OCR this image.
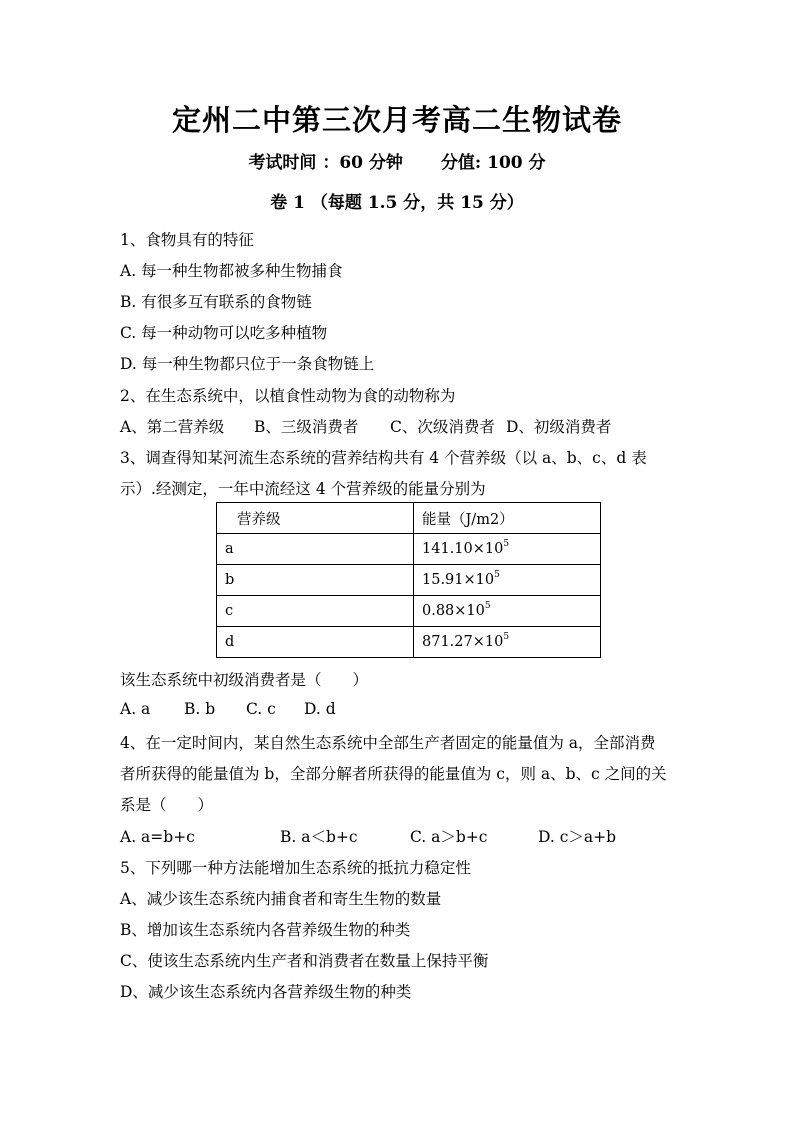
定州二中第三次月考高二生物试卷
考试时间 ：60 分钟 分值: 100 分
卷 1 （每题 1.5 分，共 15 分）
1、食物具有的特征
A. 每一种生物都被多种生物捕食
B. 有很多互有联系的食物链
C. 每一种动物可以吃多种植物
D. 每一种生物都只位于一条食物链上
2、在生态系统中，以植食性动物为食的动物称为
A、第二营养级 B、三级消费者 C、次级消费者 D、初级消费者
3、调查得知某河流生态系统的营养结构共有 4 个营养级（以 a、b、c、d 表
示）.经测定，一年中流经这 4 个营养级的能量分别为
营养级	能量（J/m2）
a	$141.10\times 10^5$
b	$15.91\times 10^5$
c	$0.88\times 10^5$
d	$871.27\times 10^5$
该生态系统中初级消费者是（　　）
A. a B. b C. c D. d
4、在一定时间内，某自然生态系统中全部生产者固定的能量值为 a，全部消费
者所获得的能量值为 b，全部分解者所获得的能量值为 c，则 a、b、c 之间的关
系是（　　）
A. a=b+c	B. a＜b+c	C. a＞b+c	D. c＞a+b
5、下列哪一种方法能增加生态系统的抵抗力稳定性
A、减少该生态系统内捕食者和寄生生物的数量
B、增加该生态系统内各营养级生物的种类
C、使该生态系统内生产者和消费者在数量上保持平衡
D、减少该生态系统内各营养级生物的种类
